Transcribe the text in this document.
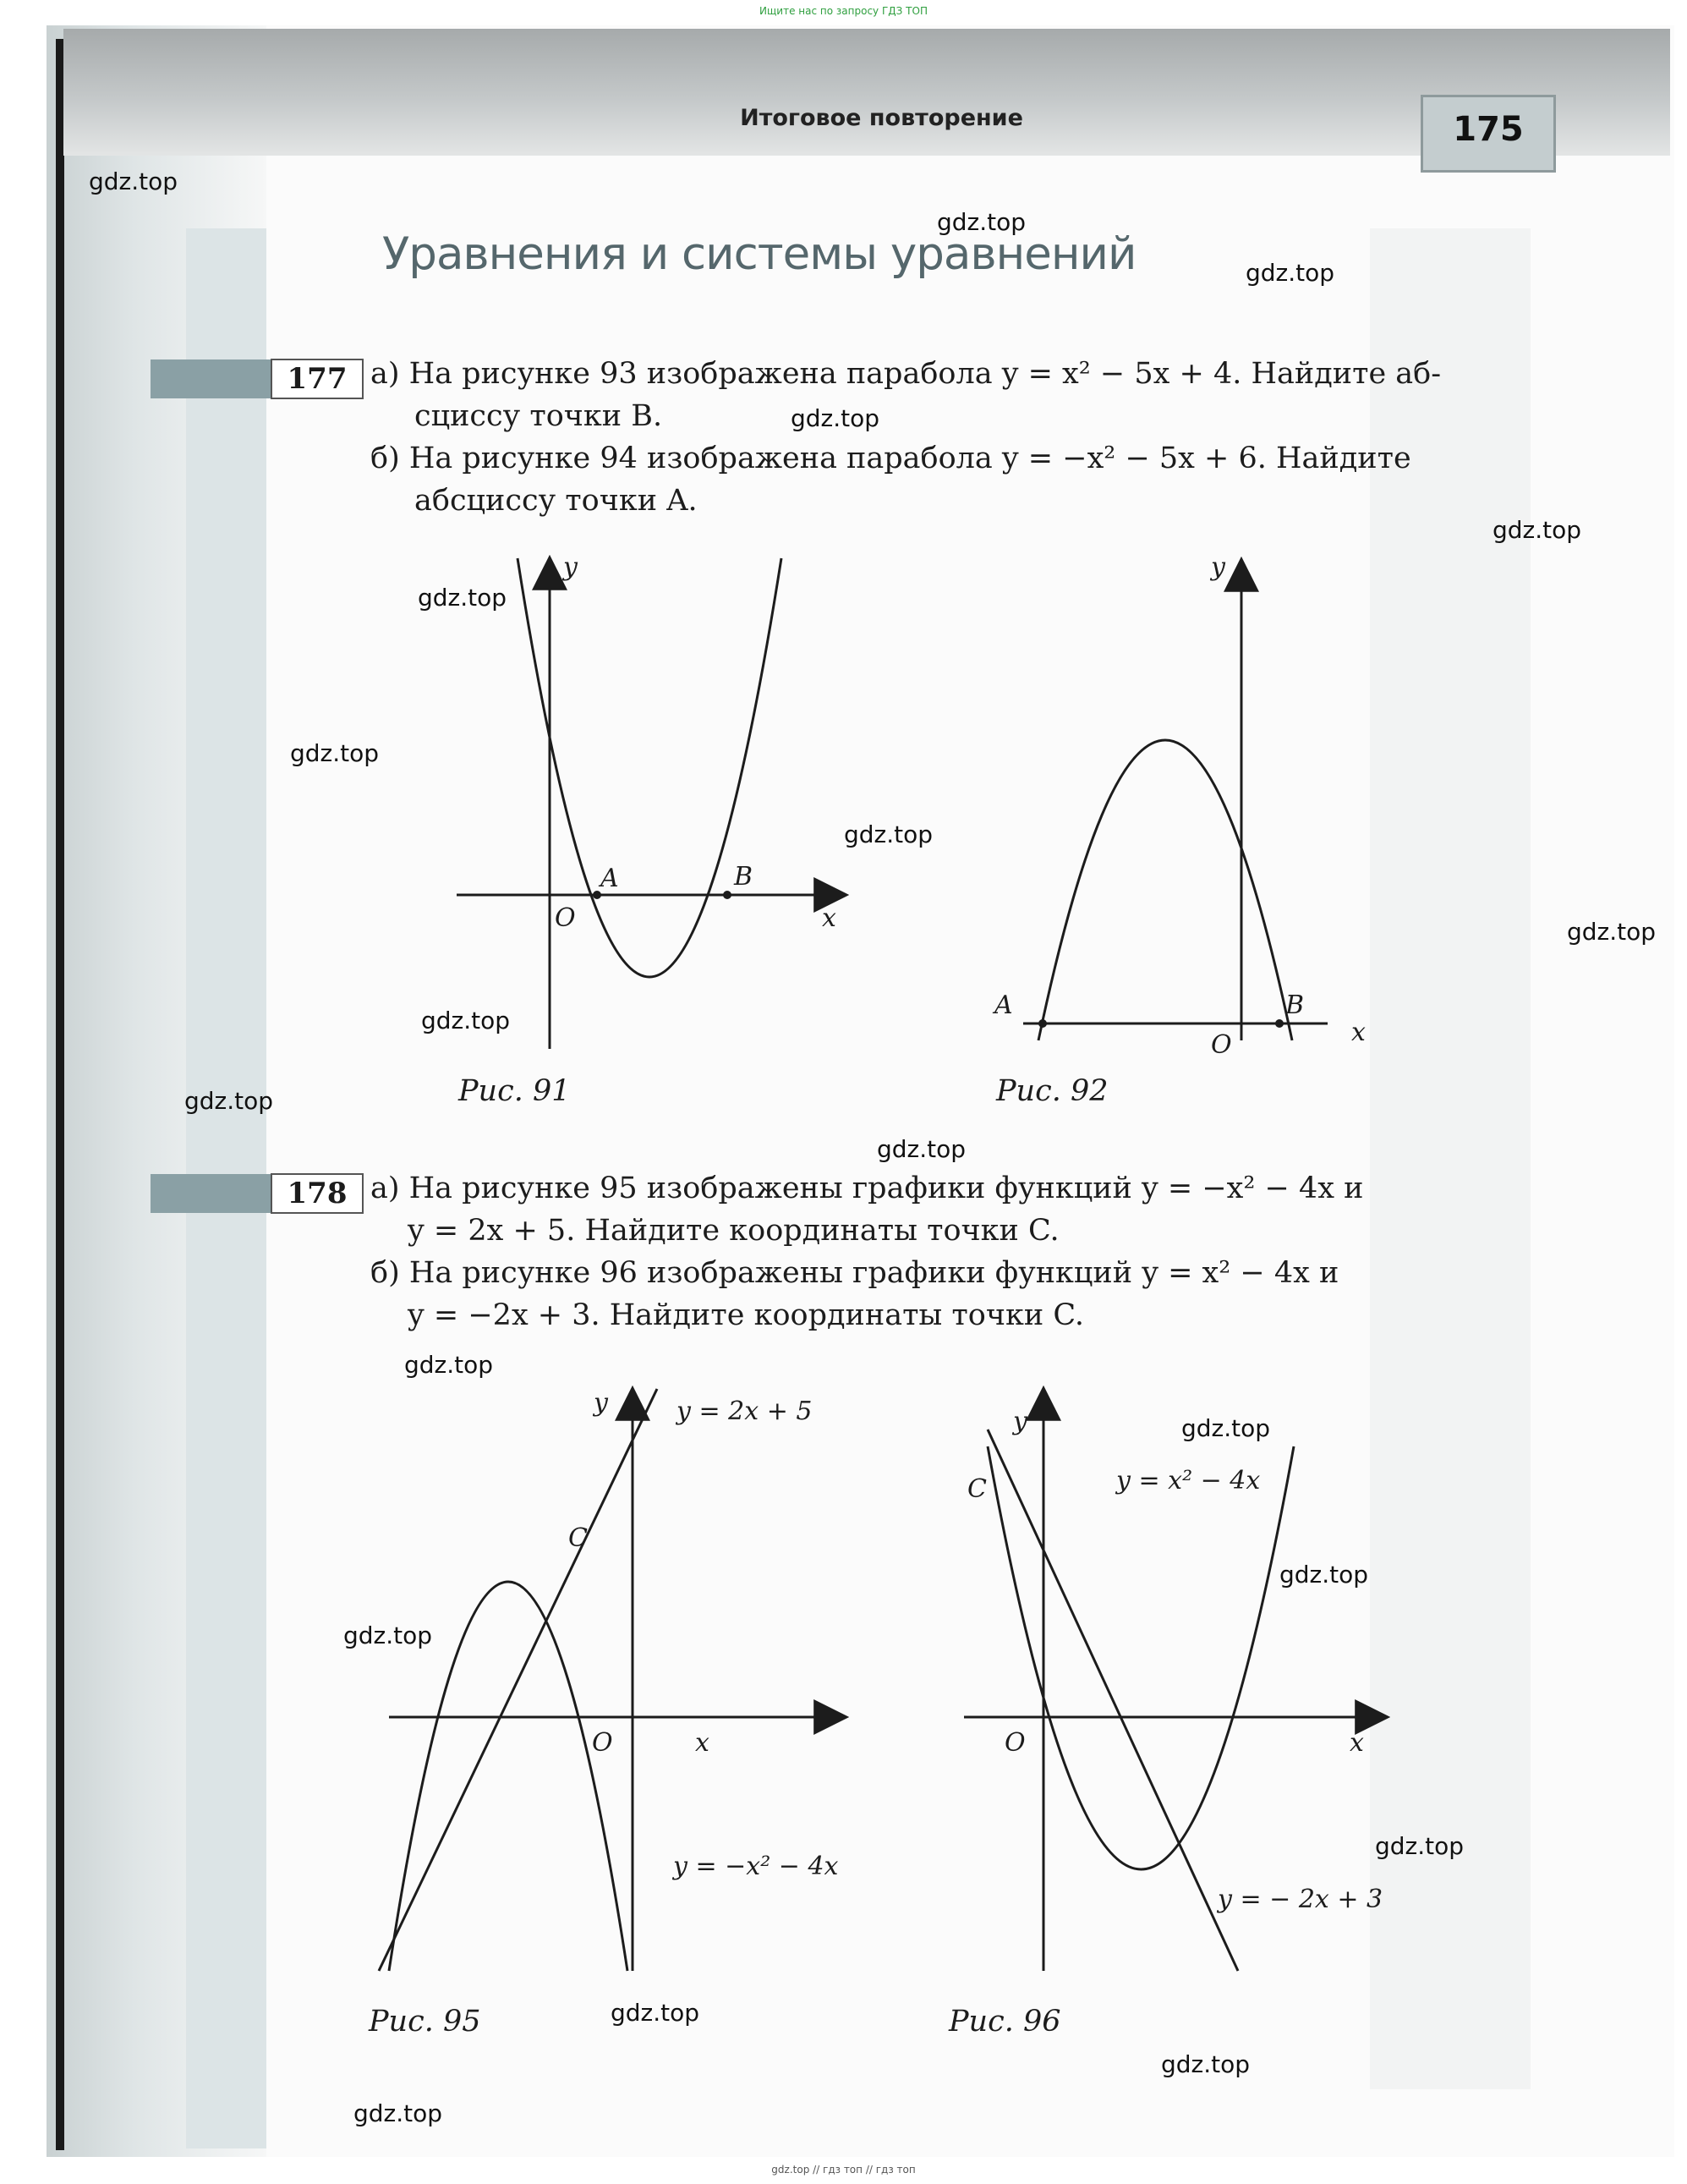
Ищите нас по запросу ГДЗ ТОП
Итоговое повторение	175
Уравнения и системы уравнений
177 а) На рисунке 93 изображена парабола y = x² − 5x + 4. Найдите аб-
сциссу точки B.
б) На рисунке 94 изображена парабола y = −x² − 5x + 6. Найдите
абсциссу точки A.
y
x
O
A	B
Рис. 91
y
x
O
A	B
Рис. 92
178 а) На рисунке 95 изображены графики функций y = −x² − 4x и
y = 2x + 5. Найдите координаты точки C.
б) На рисунке 96 изображены графики функций y = x² − 4x и
y = −2x + 3. Найдите координаты точки C.
y
x
O
C
y = 2x + 5
y = −x² − 4x
Рис. 95
y
x
O
C	y = x² − 4x
y = − 2x + 3
Рис. 96
gdz.top
gdz.top
gdz.top
gdz.top
gdz.top
gdz.top
gdz.top
gdz.top
gdz.top
gdz.top
gdz.top
gdz.top
gdz.top
gdz.top
gdz.top
gdz.top
gdz.top
gdz.top
gdz.top
gdz.top
gdz.top // гдз топ // гдз топ
